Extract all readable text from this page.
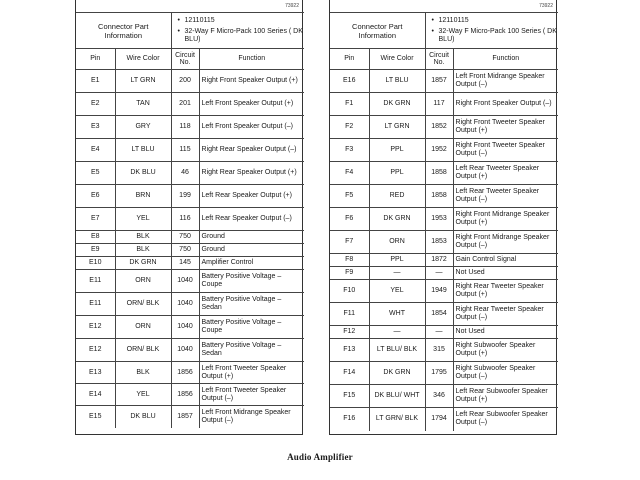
73922
Connector Part Information		• 12110115
• 32-Way F Micro-Pack 100 Series ( DK BLU)	

Pin	Wire Color	Circuit No.	Function
E1	LT GRN	200	Right Front Speaker Output (+)
E2	TAN	201	Left Front Speaker Output (+)
E3	GRY	118	Left Front Speaker Output (–)
E4	LT BLU	115	Right Rear Speaker Output (–)
E5	DK BLU	46	Right Rear Speaker Output (+)
E6	BRN	199	Left Rear Speaker Output (+)
E7	YEL	116	Left Rear Speaker Output (–)
E8	BLK	750	Ground
E9	BLK	750	Ground
E10	DK GRN	145	Amplifier Control
E11	ORN	1040	Battery Positive Voltage – Coupe
E11	ORN/ BLK	1040	Battery Positive Voltage – Sedan
E12	ORN	1040	Battery Positive Voltage – Coupe
E12	ORN/ BLK	1040	Battery Positive Voltage – Sedan
E13	BLK	1856	Left Front Tweeter Speaker Output (+)
E14	YEL	1856	Left Front Tweeter Speaker Output (–)
E15	DK BLU	1857	Left Front Midrange Speaker Output (–)
73922
Connector Part Information		• 12110115
• 32-Way F Micro-Pack 100 Series ( DK BLU)	

Pin	Wire Color	Circuit No.	Function
E16	LT BLU	1857	Left Front Midrange Speaker Output (–)
F1	DK GRN	117	Right Front Speaker Output (–)
F2	LT GRN	1852	Right Front Tweeter Speaker Output (+)
F3	PPL	1952	Right Front Tweeter Speaker Output (–)
F4	PPL	1858	Left Rear Tweeter Speaker Output (+)
F5	RED	1858	Left Rear Tweeter Speaker Output (–)
F6	DK GRN	1953	Right Front Midrange Speaker Output (+)
F7	ORN	1853	Right Front Midrange Speaker Output (–)
F8	PPL	1872	Gain Control Signal
F9	—	—	Not Used
F10	YEL	1949	Right Rear Tweeter Speaker Output (+)
F11	WHT	1854	Right Rear Tweeter Speaker Output (–)
F12	—	—	Not Used
F13	LT BLU/ BLK	315	Right Subwoofer Speaker Output (+)
F14	DK GRN	1795	Right Subwoofer Speaker Output (–)
F15	DK BLU/ WHT	346	Left Rear Subwoofer Speaker Output (+)
F16	LT GRN/ BLK	1794	Left Rear Subwoofer Speaker Output (–)
Audio Amplifier
